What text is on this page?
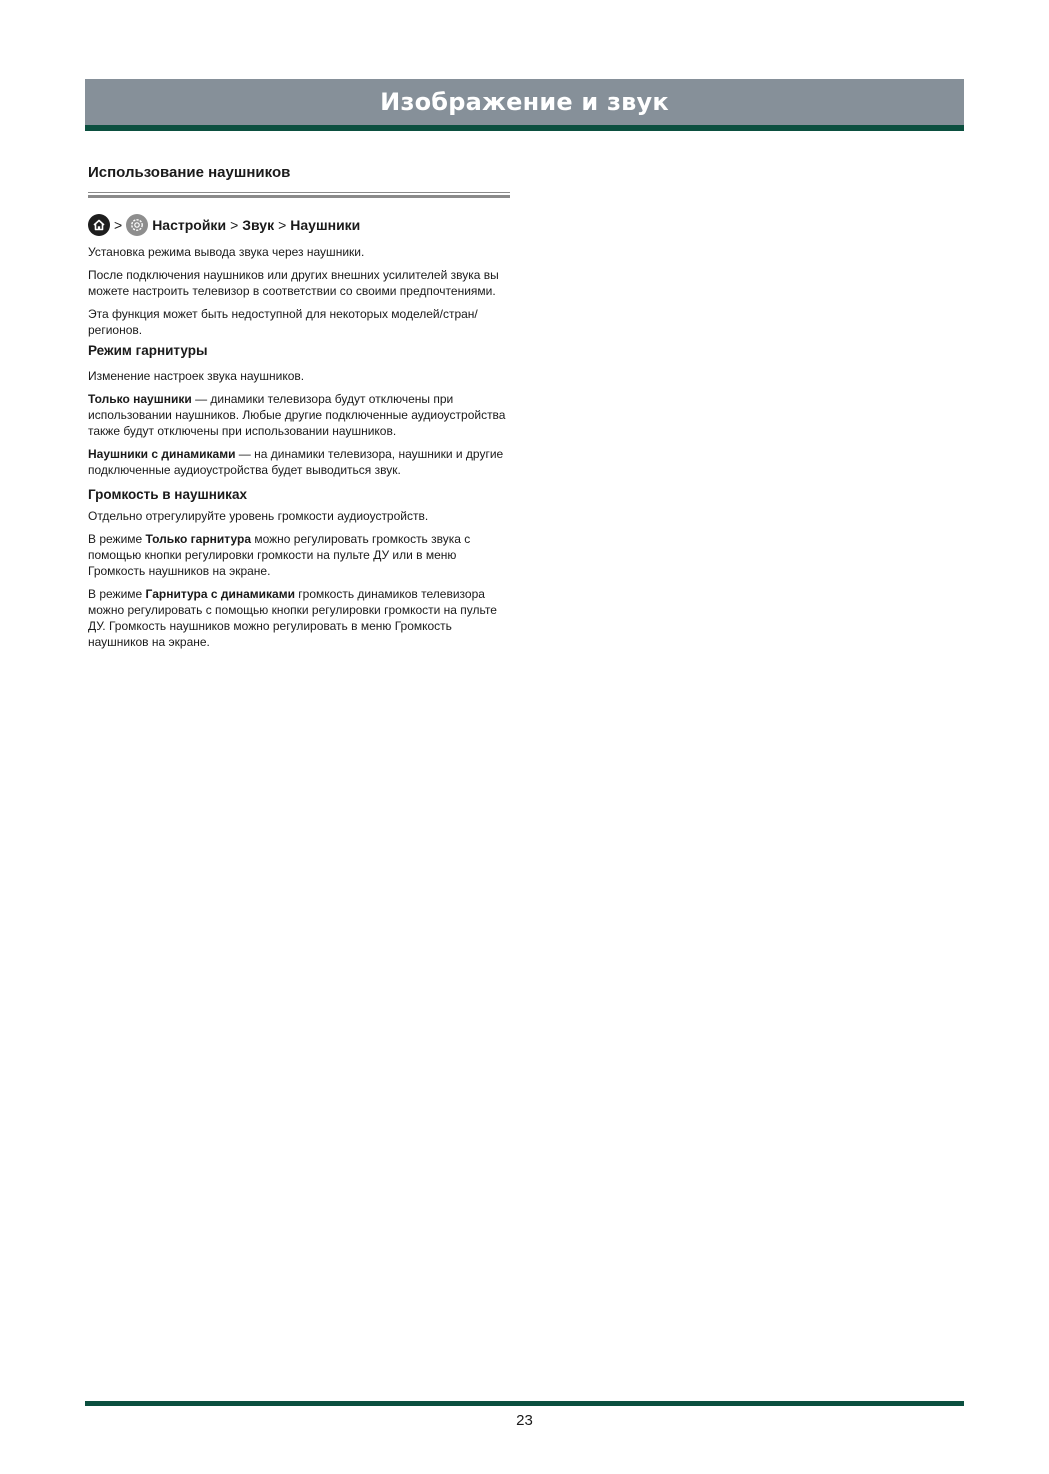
Изображение и звук
Использование наушников
> Настройки > Звук > Наушники

Установка режима вывода звука через наушники.

После подключения наушников или других внешних усилителей звука вы можете настроить телевизор в соответствии со своими предпочтениями.

Эта функция может быть недоступной для некоторых моделей/стран/регионов.

Режим гарнитуры

Изменение настроек звука наушников.

Только наушники — динамики телевизора будут отключены при использовании наушников. Любые другие подключенные аудиоустройства также будут отключены при использовании наушников.

Наушники с динамиками — на динамики телевизора, наушники и другие подключенные аудиоустройства будет выводиться звук.

Громкость в наушниках

Отдельно отрегулируйте уровень громкости аудиоустройств.

В режиме Только гарнитура можно регулировать громкость звука с помощью кнопки регулировки громкости на пульте ДУ или в меню Громкость наушников на экране.

В режиме Гарнитура с динамиками громкость динамиков телевизора можно регулировать с помощью кнопки регулировки громкости на пульте ДУ. Громкость наушников можно регулировать в меню Громкость наушников на экране.

23
